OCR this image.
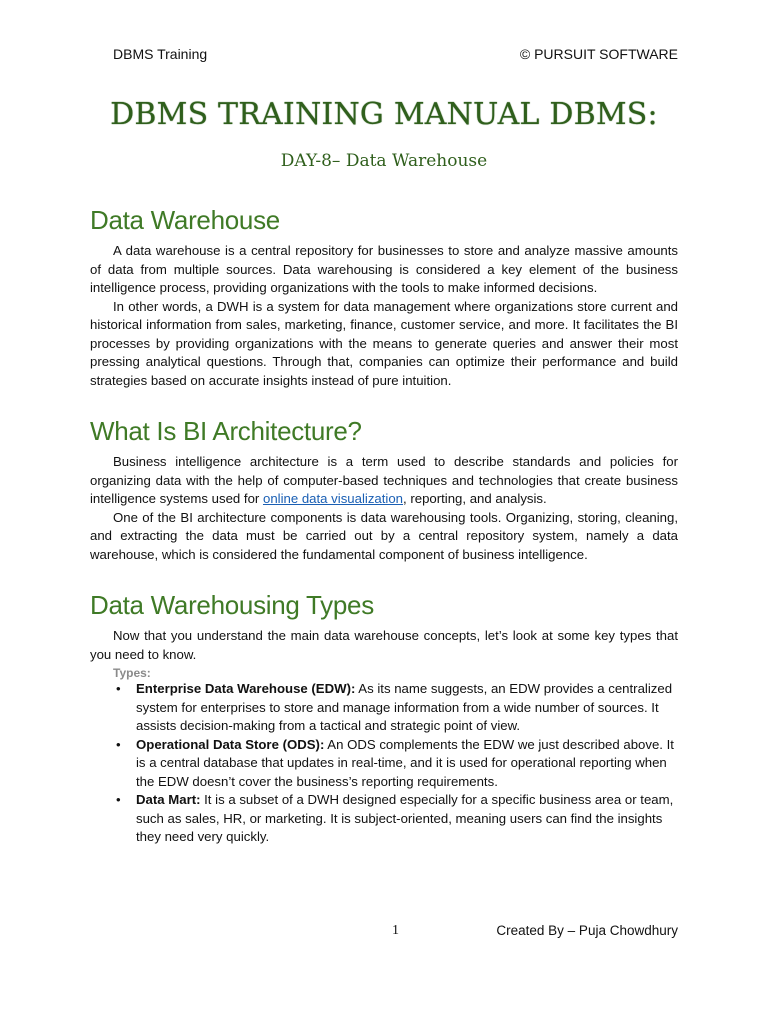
DBMS Training	© PURSUIT SOFTWARE
DBMS TRAINING MANUAL DBMS:
DAY-8– Data Warehouse
Data Warehouse

A data warehouse is a central repository for businesses to store and analyze massive amounts of data from multiple sources. Data warehousing is considered a key element of the business intelligence process, providing organizations with the tools to make informed decisions.

In other words, a DWH is a system for data management where organizations store current and historical information from sales, marketing, finance, customer service, and more. It facilitates the BI processes by providing organizations with the means to generate queries and answer their most pressing analytical questions. Through that, companies can optimize their performance and build strategies based on accurate insights instead of pure intuition.

What Is BI Architecture?

Business intelligence architecture is a term used to describe standards and policies for organizing data with the help of computer-based techniques and technologies that create business intelligence systems used for online data visualization, reporting, and analysis.

One of the BI architecture components is data warehousing tools. Organizing, storing, cleaning, and extracting the data must be carried out by a central repository system, namely a data warehouse, which is considered the fundamental component of business intelligence.

Data Warehousing Types

Now that you understand the main data warehouse concepts, let’s look at some key types that you need to know.

Types:
• Enterprise Data Warehouse (EDW): As its name suggests, an EDW provides a centralized system for enterprises to store and manage information from a wide number of sources. It assists decision-making from a tactical and strategic point of view.
• Operational Data Store (ODS): An ODS complements the EDW we just described above. It is a central database that updates in real-time, and it is used for operational reporting when the EDW doesn’t cover the business’s reporting requirements.
• Data Mart: It is a subset of a DWH designed especially for a specific business area or team, such as sales, HR, or marketing. It is subject-oriented, meaning users can find the insights they need very quickly.
1	Created By – Puja Chowdhury
